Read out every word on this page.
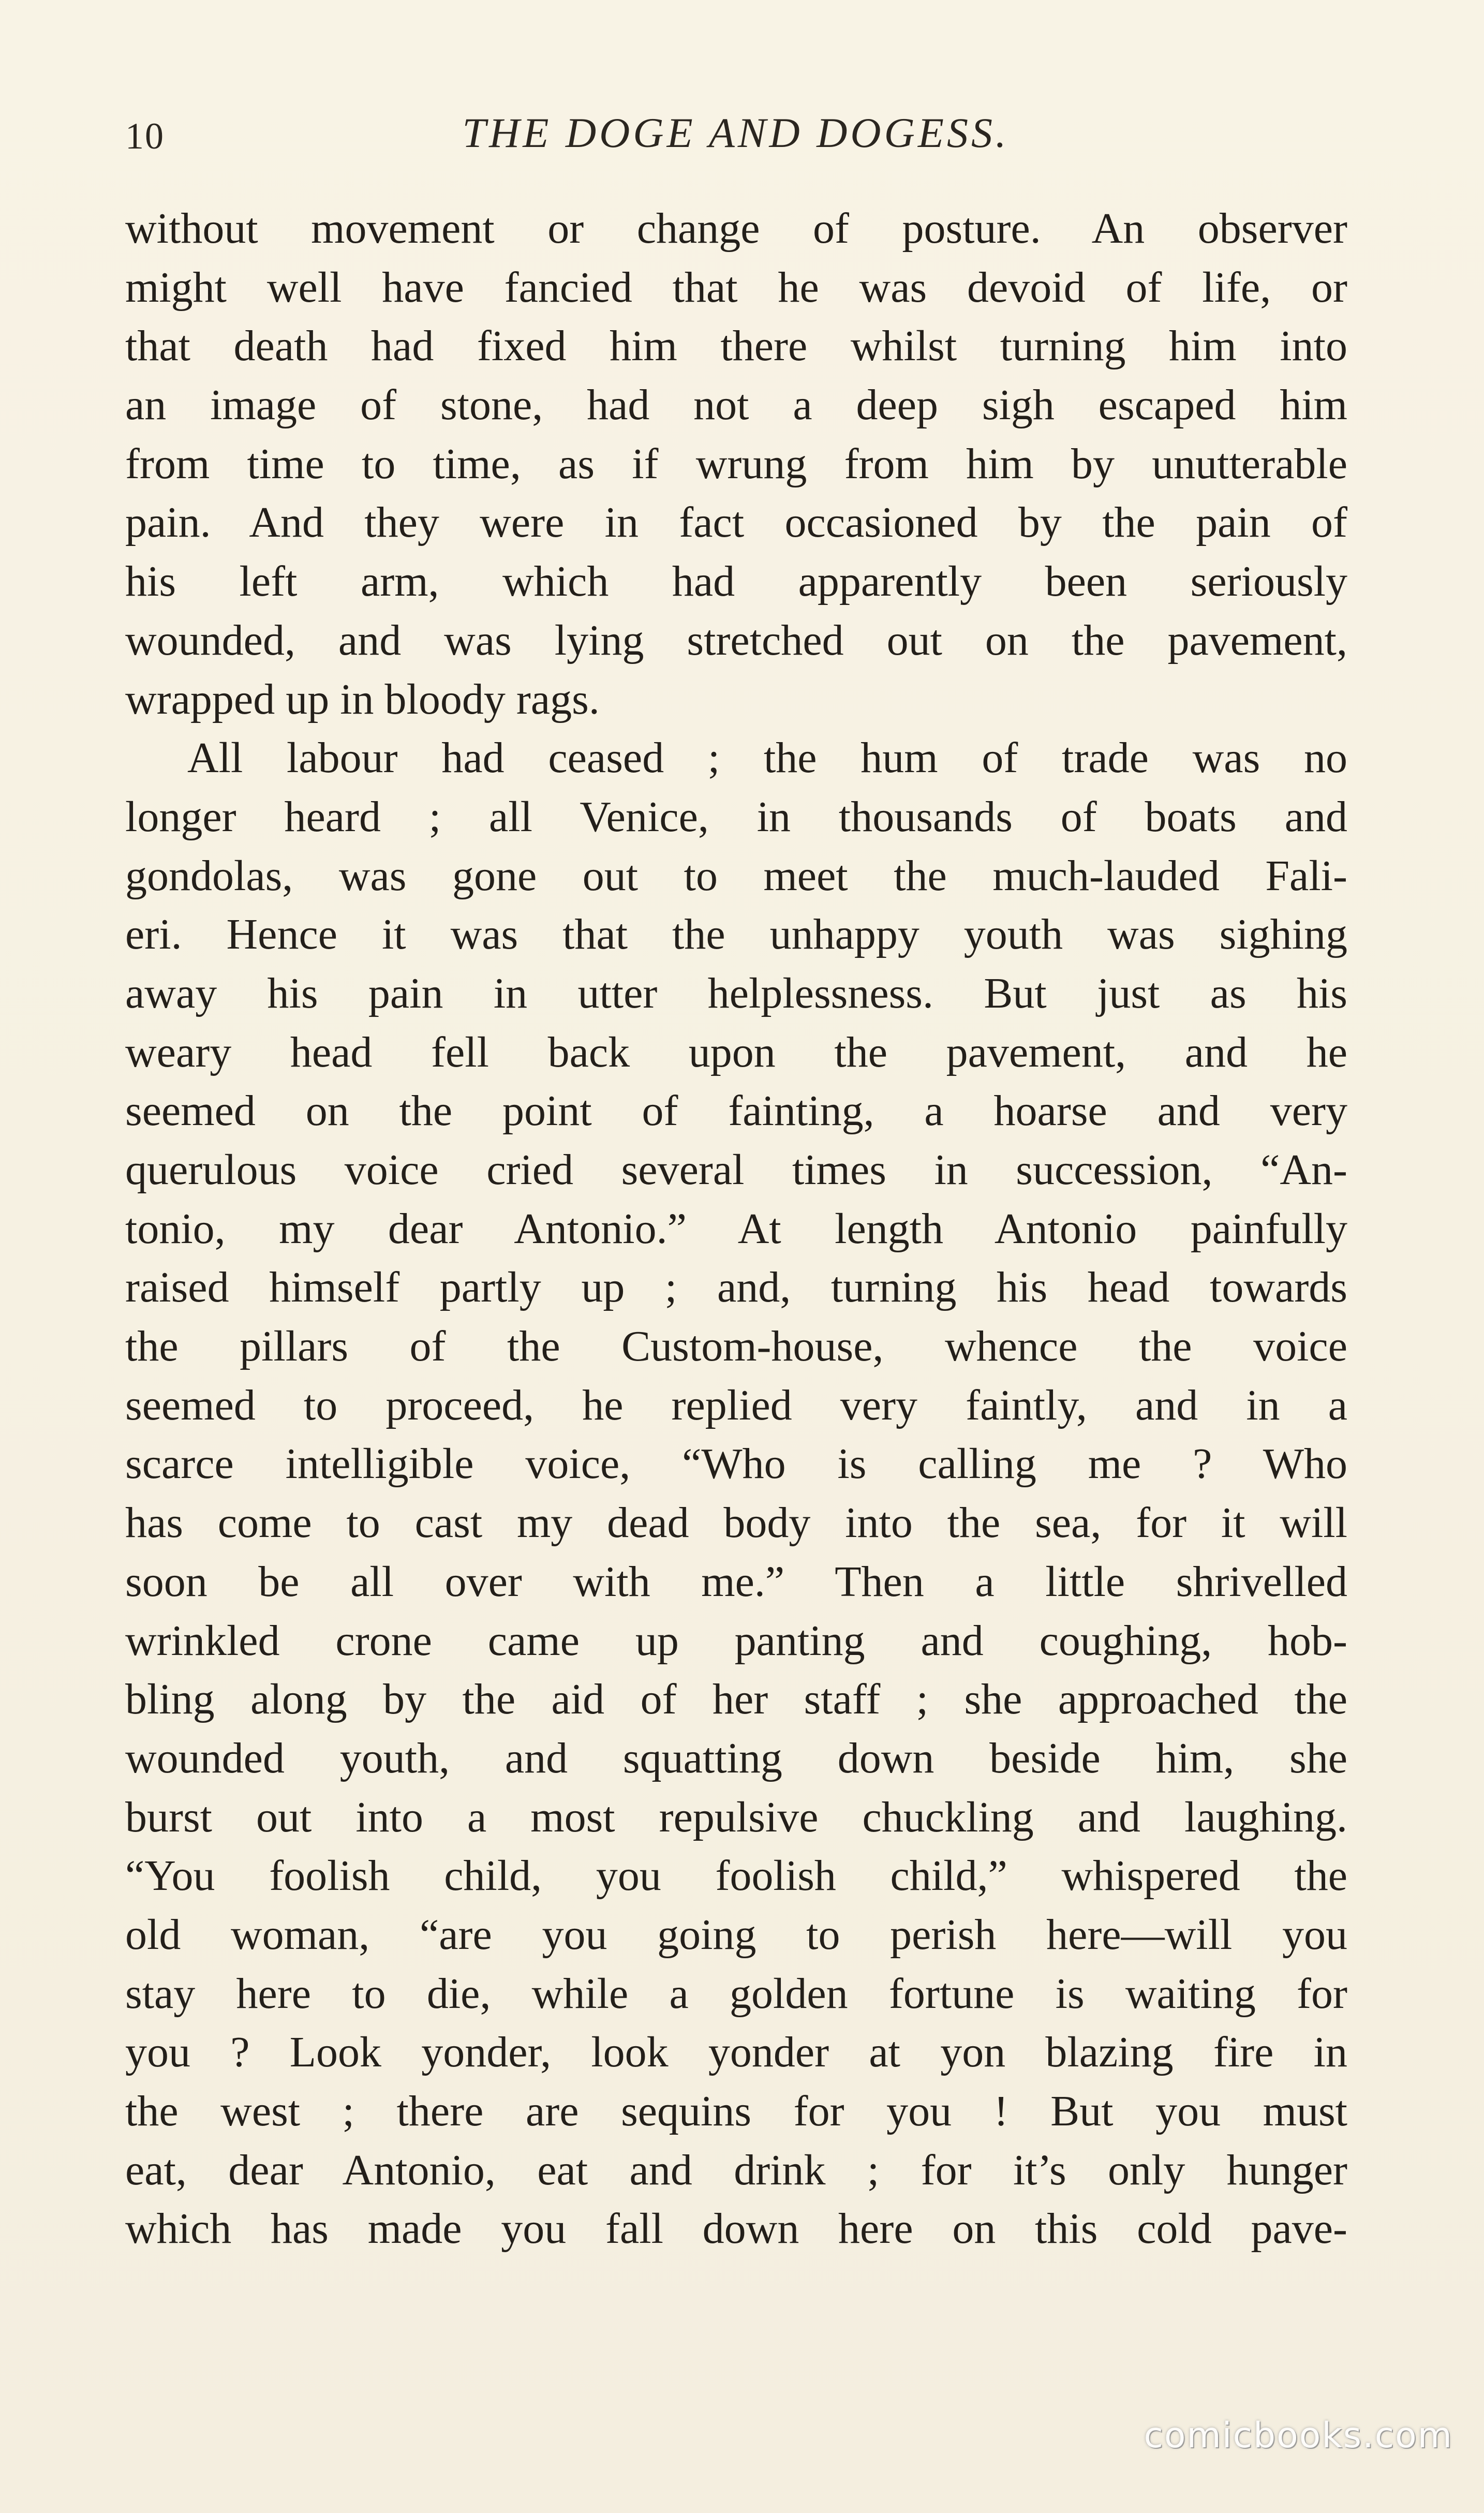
10	THE DOGE AND DOGESS.
without movement or change of posture. An observer
might well have fancied that he was devoid of life, or
that death had fixed him there whilst turning him into
an image of stone, had not a deep sigh escaped him
from time to time, as if wrung from him by unutterable
pain. And they were in fact occasioned by the pain of
his left arm, which had apparently been seriously
wounded, and was lying stretched out on the pavement,
wrapped up in bloody rags.
All labour had ceased ; the hum of trade was no
longer heard ; all Venice, in thousands of boats and
gondolas, was gone out to meet the much-lauded Fali-
eri. Hence it was that the unhappy youth was sighing
away his pain in utter helplessness. But just as his
weary head fell back upon the pavement, and he
seemed on the point of fainting, a hoarse and very
querulous voice cried several times in succession, “An-
tonio, my dear Antonio.” At length Antonio painfully
raised himself partly up ; and, turning his head towards
the pillars of the Custom-house, whence the voice
seemed to proceed, he replied very faintly, and in a
scarce intelligible voice, “Who is calling me ? Who
has come to cast my dead body into the sea, for it will
soon be all over with me.” Then a little shrivelled
wrinkled crone came up panting and coughing, hob-
bling along by the aid of her staff ; she approached the
wounded youth, and squatting down beside him, she
burst out into a most repulsive chuckling and laughing.
“You foolish child, you foolish child,” whispered the
old woman, “are you going to perish here—will you
stay here to die, while a golden fortune is waiting for
you ? Look yonder, look yonder at yon blazing fire in
the west ; there are sequins for you ! But you must
eat, dear Antonio, eat and drink ; for it’s only hunger
which has made you fall down here on this cold pave-
comicbooks.com
